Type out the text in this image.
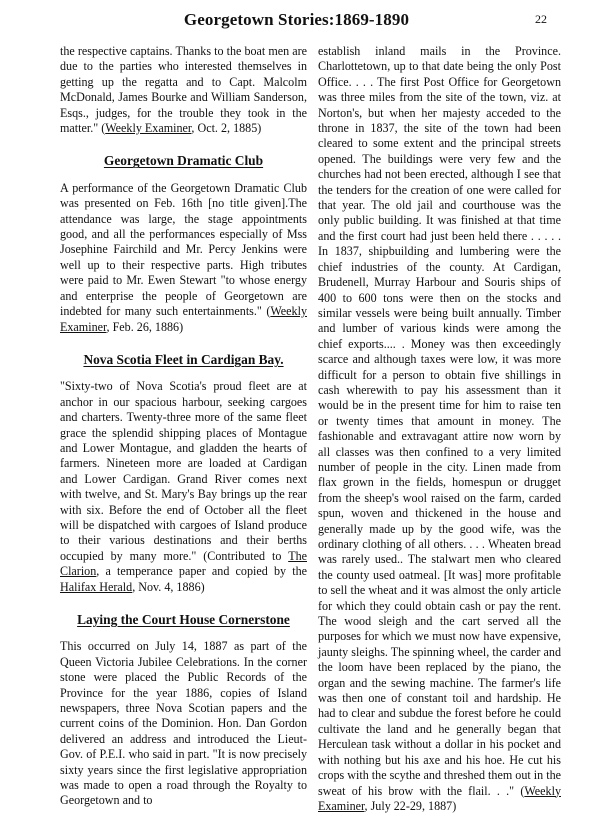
Georgetown Stories:1869-1890	22

the respective captains. Thanks to the boat men are due to the parties who interested themselves in getting up the regatta and to Capt. Malcolm McDonald, James Bourke and William Sanderson, Esqs., judges, for the trouble they took in the matter." (Weekly Examiner, Oct. 2, 1885)

Georgetown Dramatic Club

A performance of the Georgetown Dramatic Club was presented on Feb. 16th [no title given].The attendance was large, the stage appointments good, and all the performances especially of Mss Josephine Fairchild and Mr. Percy Jenkins were well up to their respective parts. High tributes were paid to Mr. Ewen Stewart "to whose energy and enterprise the people of Georgetown are indebted for many such entertainments." (Weekly Examiner, Feb. 26, 1886)

Nova Scotia Fleet in Cardigan Bay.

"Sixty-two of Nova Scotia's proud fleet are at anchor in our spacious harbour, seeking cargoes and charters. Twenty-three more of the same fleet grace the splendid shipping places of Montague and Lower Montague, and gladden the hearts of farmers. Nineteen more are loaded at Cardigan and Lower Cardigan. Grand River comes next with twelve, and St. Mary's Bay brings up the rear with six. Before the end of October all the fleet will be dispatched with cargoes of Island produce to their various destinations and their berths occupied by many more." (Contributed to The Clarion, a temperance paper and copied by the Halifax Herald, Nov. 4, 1886)

Laying the Court House Cornerstone

This occurred on July 14, 1887 as part of the Queen Victoria Jubilee Celebrations. In the corner stone were placed the Public Records of the Province for the year 1886, copies of Island newspapers, three Nova Scotian papers and the current coins of the Dominion. Hon. Dan Gordon delivered an address and introduced the Lieut-Gov. of P.E.I. who said in part. "It is now precisely sixty years since the first legislative appropriation was made to open a road through the Royalty to Georgetown and to

establish inland mails in the Province. Charlottetown, up to that date being the only Post Office. . . . The first Post Office for Georgetown was three miles from the site of the town, viz. at Norton's, but when her majesty acceded to the throne in 1837, the site of the town had been cleared to some extent and the principal streets opened. The buildings were very few and the churches had not been erected, although I see that the tenders for the creation of one were called for that year. The old jail and courthouse was the only public building. It was finished at that time and the first court had just been held there . . . . . In 1837, shipbuilding and lumbering were the chief industries of the county. At Cardigan, Brudenell, Murray Harbour and Souris ships of 400 to 600 tons were then on the stocks and similar vessels were being built annually. Timber and lumber of various kinds were among the chief exports.... . Money was then exceedingly scarce and although taxes were low, it was more difficult for a person to obtain five shillings in cash wherewith to pay his assessment than it would be in the present time for him to raise ten or twenty times that amount in money. The fashionable and extravagant attire now worn by all classes was then confined to a very limited number of people in the city. Linen made from flax grown in the fields, homespun or drugget from the sheep's wool raised on the farm, carded spun, woven and thickened in the house and generally made up by the good wife, was the ordinary clothing of all others. . . . Wheaten bread was rarely used.. The stalwart men who cleared the county used oatmeal. [It was] more profitable to sell the wheat and it was almost the only article for which they could obtain cash or pay the rent. The wood sleigh and the cart served all the purposes for which we must now have expensive, jaunty sleighs. The spinning wheel, the carder and the loom have been replaced by the piano, the organ and the sewing machine. The farmer's life was then one of constant toil and hardship. He had to clear and subdue the forest before he could cultivate the land and he generally began that Herculean task without a dollar in his pocket and with nothing but his axe and his hoe. He cut his crops with the scythe and threshed them out in the sweat of his brow with the flail. . ." (Weekly Examiner, July 22-29, 1887)
